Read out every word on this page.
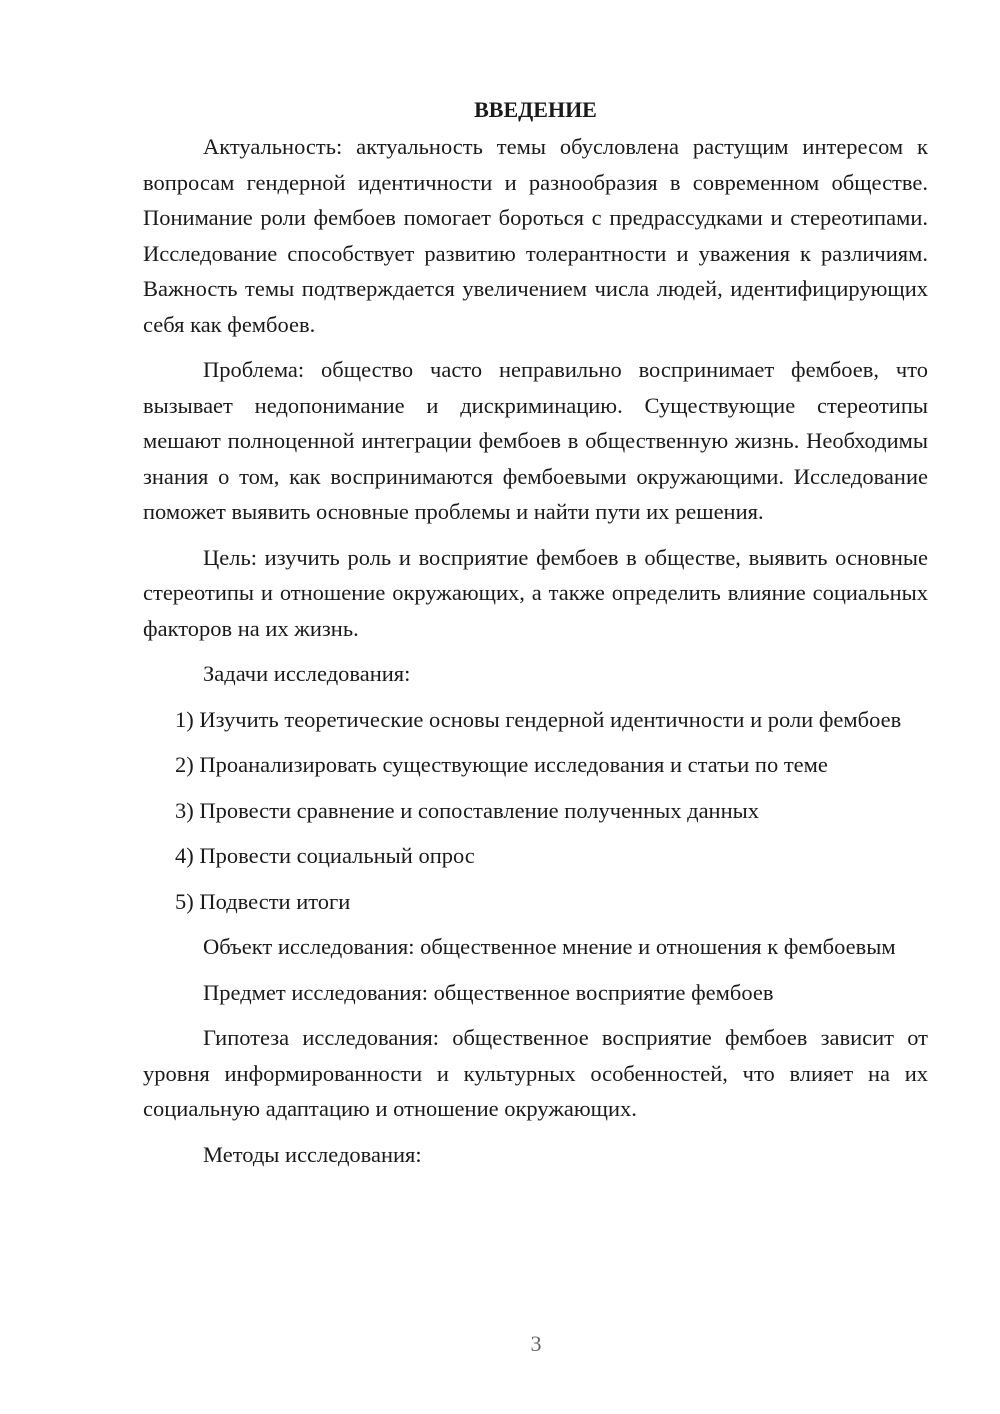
ВВЕДЕНИЕ

Актуальность: актуальность темы обусловлена растущим интересом к вопросам гендерной идентичности и разнообразия в современном обществе. Понимание роли фембоев помогает бороться с предрассудками и стереотипами. Исследование способствует развитию толерантности и уважения к различиям. Важность темы подтверждается увеличением числа людей, идентифицирующих себя как фембоев.

Проблема: общество часто неправильно воспринимает фембоев, что вызывает недопонимание и дискриминацию. Существующие стереотипы мешают полноценной интеграции фембоев в общественную жизнь. Необходимы знания о том, как воспринимаются фембоевыми окружающими. Исследование поможет выявить основные проблемы и найти пути их решения.

Цель: изучить роль и восприятие фембоев в обществе, выявить основные стереотипы и отношение окружающих, а также определить влияние социальных факторов на их жизнь.

Задачи исследования:

1) Изучить теоретические основы гендерной идентичности и роли фембоев

2) Проанализировать существующие исследования и статьи по теме

3) Провести сравнение и сопоставление полученных данных

4) Провести социальный опрос

5) Подвести итоги

Объект исследования: общественное мнение и отношения к фембоевым

Предмет исследования: общественное восприятие фембоев

Гипотеза исследования: общественное восприятие фембоев зависит от уровня информированности и культурных особенностей, что влияет на их социальную адаптацию и отношение окружающих.

Методы исследования:

3
